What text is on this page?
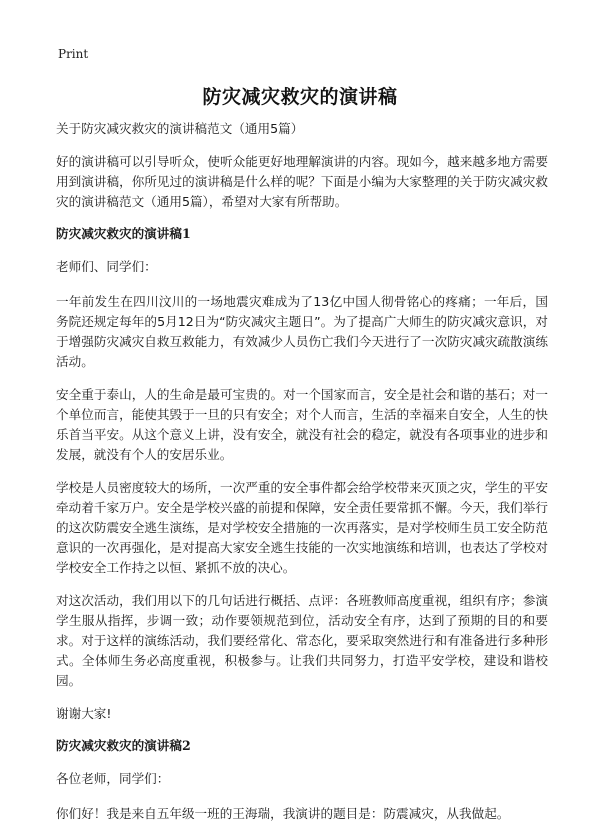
Print
防灾减灾救灾的演讲稿
关于防灾减灾救灾的演讲稿范文（通用5篇）

好的演讲稿可以引导听众，使听众能更好地理解演讲的内容。现如今，越来越多地方需要用到演讲稿，你所见过的演讲稿是什么样的呢？下面是小编为大家整理的关于防灾减灾救灾的演讲稿范文（通用5篇），希望对大家有所帮助。

防灾减灾救灾的演讲稿1

老师们、同学们：

一年前发生在四川汶川的一场地震灾难成为了13亿中国人彻骨铭心的疼痛；一年后，国务院还规定每年的5月12日为“防灾减灾主题日”。为了提高广大师生的防灾减灾意识，对于增强防灾减灾自救互救能力，有效减少人员伤亡我们今天进行了一次防灾减灾疏散演练活动。

安全重于泰山，人的生命是最可宝贵的。对一个国家而言，安全是社会和谐的基石；对一个单位而言，能使其毁于一旦的只有安全；对个人而言，生活的幸福来自安全，人生的快乐首当平安。从这个意义上讲，没有安全，就没有社会的稳定，就没有各项事业的进步和发展，就没有个人的安居乐业。

学校是人员密度较大的场所，一次严重的安全事件都会给学校带来灭顶之灾，学生的平安牵动着千家万户。安全是学校兴盛的前提和保障，安全责任要常抓不懈。今天，我们举行的这次防震安全逃生演练，是对学校安全措施的一次再落实，是对学校师生员工安全防范意识的一次再强化，是对提高大家安全逃生技能的一次实地演练和培训，也表达了学校对学校安全工作持之以恒、紧抓不放的决心。

对这次活动，我们用以下的几句话进行概括、点评：各班教师高度重视，组织有序；参演学生服从指挥，步调一致；动作要领规范到位，活动安全有序，达到了预期的目的和要求。对于这样的演练活动，我们要经常化、常态化，要采取突然进行和有准备进行多种形式。全体师生务必高度重视，积极参与。让我们共同努力，打造平安学校，建设和谐校园。

谢谢大家!

防灾减灾救灾的演讲稿2

各位老师，同学们：

你们好！我是来自五年级一班的王海瑞，我演讲的题目是：防震减灾，从我做起。
